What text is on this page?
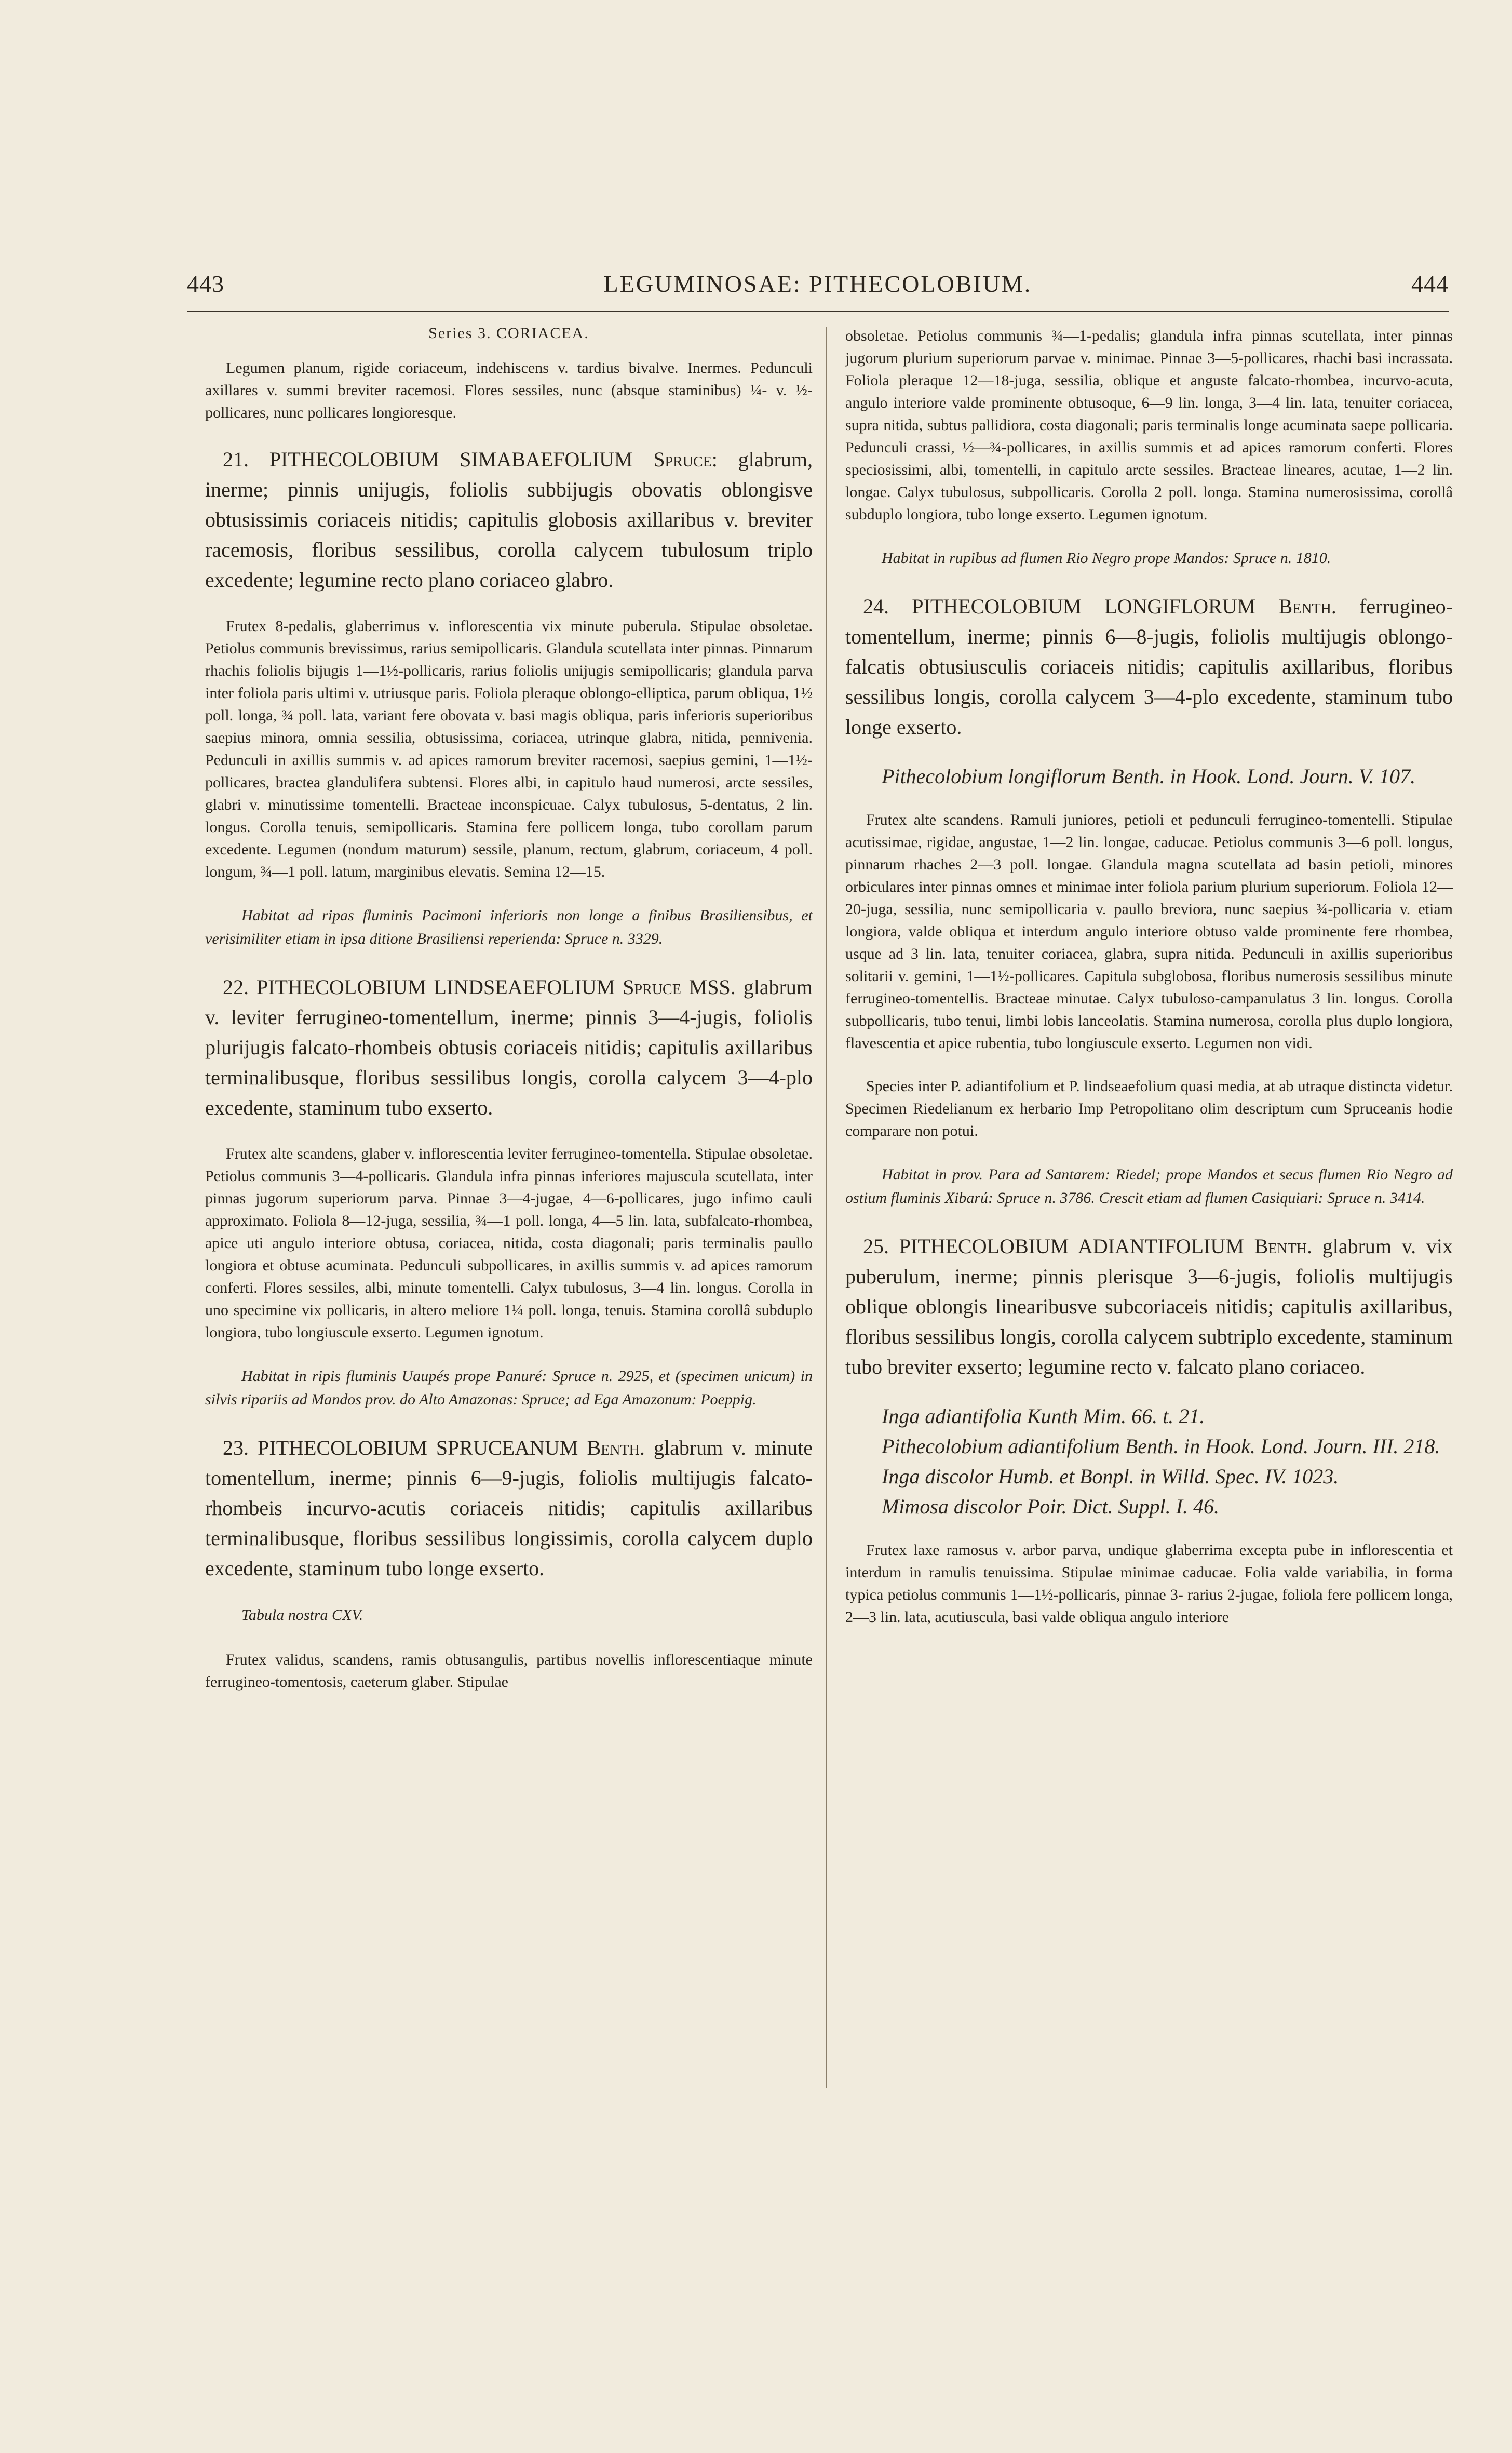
443	LEGUMINOSAE: PITHECOLOBIUM.	444

Series 3. CORIACEA.

Legumen planum, rigide coriaceum, indehiscens v. tardius bivalve. Inermes. Pedunculi axillares v. summi breviter racemosi. Flores sessiles, nunc (absque staminibus) ¼- v. ½-pollicares, nunc pollicares longioresque.

21. PITHECOLOBIUM SIMABAEFOLIUM Spruce: glabrum, inerme; pinnis unijugis, foliolis subbijugis obovatis oblongisve obtusissimis coriaceis nitidis; capitulis globosis axillaribus v. breviter racemosis, floribus sessilibus, corolla calycem tubulosum triplo excedente; legumine recto plano coriaceo glabro.

Frutex 8-pedalis, glaberrimus v. inflorescentia vix minute puberula. Stipulae obsoletae. Petiolus communis brevissimus, rarius semipollicaris. Glandula scutellata inter pinnas. Pinnarum rhachis foliolis bijugis 1—1½-pollicaris, rarius foliolis unijugis semipollicaris; glandula parva inter foliola paris ultimi v. utriusque paris. Foliola pleraque oblongo-elliptica, parum obliqua, 1½ poll. longa, ¾ poll. lata, variant fere obovata v. basi magis obliqua, paris inferioris superioribus saepius minora, omnia sessilia, obtusissima, coriacea, utrinque glabra, nitida, pennivenia. Pedunculi in axillis summis v. ad apices ramorum breviter racemosi, saepius gemini, 1—1½-pollicares, bractea glandulifera subtensi. Flores albi, in capitulo haud numerosi, arcte sessiles, glabri v. minutissime tomentelli. Bracteae inconspicuae. Calyx tubulosus, 5-dentatus, 2 lin. longus. Corolla tenuis, semipollicaris. Stamina fere pollicem longa, tubo corollam parum excedente. Legumen (nondum maturum) sessile, planum, rectum, glabrum, coriaceum, 4 poll. longum, ¾—1 poll. latum, marginibus elevatis. Semina 12—15.

Habitat ad ripas fluminis Pacimoni inferioris non longe a finibus Brasiliensibus, et verisimiliter etiam in ipsa ditione Brasiliensi reperienda: Spruce n. 3329.

22. PITHECOLOBIUM LINDSEAEFOLIUM Spruce MSS. glabrum v. leviter ferrugineo-tomentellum, inerme; pinnis 3—4-jugis, foliolis plurijugis falcato-rhombeis obtusis coriaceis nitidis; capitulis axillaribus terminalibusque, floribus sessilibus longis, corolla calycem 3—4-plo excedente, staminum tubo exserto.

Frutex alte scandens, glaber v. inflorescentia leviter ferrugineo-tomentella. Stipulae obsoletae. Petiolus communis 3—4-pollicaris. Glandula infra pinnas inferiores majuscula scutellata, inter pinnas jugorum superiorum parva. Pinnae 3—4-jugae, 4—6-pollicares, jugo infimo cauli approximato. Foliola 8—12-juga, sessilia, ¾—1 poll. longa, 4—5 lin. lata, subfalcato-rhombea, apice uti angulo interiore obtusa, coriacea, nitida, costa diagonali; paris terminalis paullo longiora et obtuse acuminata. Pedunculi subpollicares, in axillis summis v. ad apices ramorum conferti. Flores sessiles, albi, minute tomentelli. Calyx tubulosus, 3—4 lin. longus. Corolla in uno specimine vix pollicaris, in altero meliore 1¼ poll. longa, tenuis. Stamina corollâ subduplo longiora, tubo longiuscule exserto. Legumen ignotum.

Habitat in ripis fluminis Uaupés prope Panuré: Spruce n. 2925, et (specimen unicum) in silvis ripariis ad Mandos prov. do Alto Amazonas: Spruce; ad Ega Amazonum: Poeppig.

23. PITHECOLOBIUM SPRUCEANUM Benth. glabrum v. minute tomentellum, inerme; pinnis 6—9-jugis, foliolis multijugis falcato-rhombeis incurvo-acutis coriaceis nitidis; capitulis axillaribus terminalibusque, floribus sessilibus longissimis, corolla calycem duplo excedente, staminum tubo longe exserto.

Tabula nostra CXV.

Frutex validus, scandens, ramis obtusangulis, partibus novellis inflorescentiaque minute ferrugineo-tomentosis, caeterum glaber. Stipulae

obsoletae. Petiolus communis ¾—1-pedalis; glandula infra pinnas scutellata, inter pinnas jugorum plurium superiorum parvae v. minimae. Pinnae 3—5-pollicares, rhachi basi incrassata. Foliola pleraque 12—18-juga, sessilia, oblique et anguste falcato-rhombea, incurvo-acuta, angulo interiore valde prominente obtusoque, 6—9 lin. longa, 3—4 lin. lata, tenuiter coriacea, supra nitida, subtus pallidiora, costa diagonali; paris terminalis longe acuminata saepe pollicaria. Pedunculi crassi, ½—¾-pollicares, in axillis summis et ad apices ramorum conferti. Flores speciosissimi, albi, tomentelli, in capitulo arcte sessiles. Bracteae lineares, acutae, 1—2 lin. longae. Calyx tubulosus, subpollicaris. Corolla 2 poll. longa. Stamina numerosissima, corollâ subduplo longiora, tubo longe exserto. Legumen ignotum.

Habitat in rupibus ad flumen Rio Negro prope Mandos: Spruce n. 1810.

24. PITHECOLOBIUM LONGIFLORUM Benth. ferrugineo-tomentellum, inerme; pinnis 6—8-jugis, foliolis multijugis oblongo-falcatis obtusiusculis coriaceis nitidis; capitulis axillaribus, floribus sessilibus longis, corolla calycem 3—4-plo excedente, staminum tubo longe exserto.

Pithecolobium longiflorum Benth. in Hook. Lond. Journ. V. 107.

Frutex alte scandens. Ramuli juniores, petioli et pedunculi ferrugineo-tomentelli. Stipulae acutissimae, rigidae, angustae, 1—2 lin. longae, caducae. Petiolus communis 3—6 poll. longus, pinnarum rhaches 2—3 poll. longae. Glandula magna scutellata ad basin petioli, minores orbiculares inter pinnas omnes et minimae inter foliola parium plurium superiorum. Foliola 12—20-juga, sessilia, nunc semipollicaria v. paullo breviora, nunc saepius ¾-pollicaria v. etiam longiora, valde obliqua et interdum angulo interiore obtuso valde prominente fere rhombea, usque ad 3 lin. lata, tenuiter coriacea, glabra, supra nitida. Pedunculi in axillis superioribus solitarii v. gemini, 1—1½-pollicares. Capitula subglobosa, floribus numerosis sessilibus minute ferrugineo-tomentellis. Bracteae minutae. Calyx tubuloso-campanulatus 3 lin. longus. Corolla subpollicaris, tubo tenui, limbi lobis lanceolatis. Stamina numerosa, corolla plus duplo longiora, flavescentia et apice rubentia, tubo longiuscule exserto. Legumen non vidi.

Species inter P. adiantifolium et P. lindseaefolium quasi media, at ab utraque distincta videtur. Specimen Riedelianum ex herbario Imp Petropolitano olim descriptum cum Spruceanis hodie comparare non potui.

Habitat in prov. Para ad Santarem: Riedel; prope Mandos et secus flumen Rio Negro ad ostium fluminis Xibarú: Spruce n. 3786. Crescit etiam ad flumen Casiquiari: Spruce n. 3414.

25. PITHECOLOBIUM ADIANTIFOLIUM Benth. glabrum v. vix puberulum, inerme; pinnis plerisque 3—6-jugis, foliolis multijugis oblique oblongis linearibusve subcoriaceis nitidis; capitulis axillaribus, floribus sessilibus longis, corolla calycem subtriplo excedente, staminum tubo breviter exserto; legumine recto v. falcato plano coriaceo.

Inga adiantifolia Kunth Mim. 66. t. 21.
Pithecolobium adiantifolium Benth. in Hook. Lond. Journ. III. 218.
Inga discolor Humb. et Bonpl. in Willd. Spec. IV. 1023.
Mimosa discolor Poir. Dict. Suppl. I. 46.

Frutex laxe ramosus v. arbor parva, undique glaberrima excepta pube in inflorescentia et interdum in ramulis tenuissima. Stipulae minimae caducae. Folia valde variabilia, in forma typica petiolus communis 1—1½-pollicaris, pinnae 3- rarius 2-jugae, foliola fere pollicem longa, 2—3 lin. lata, acutiuscula, basi valde obliqua angulo interiore
